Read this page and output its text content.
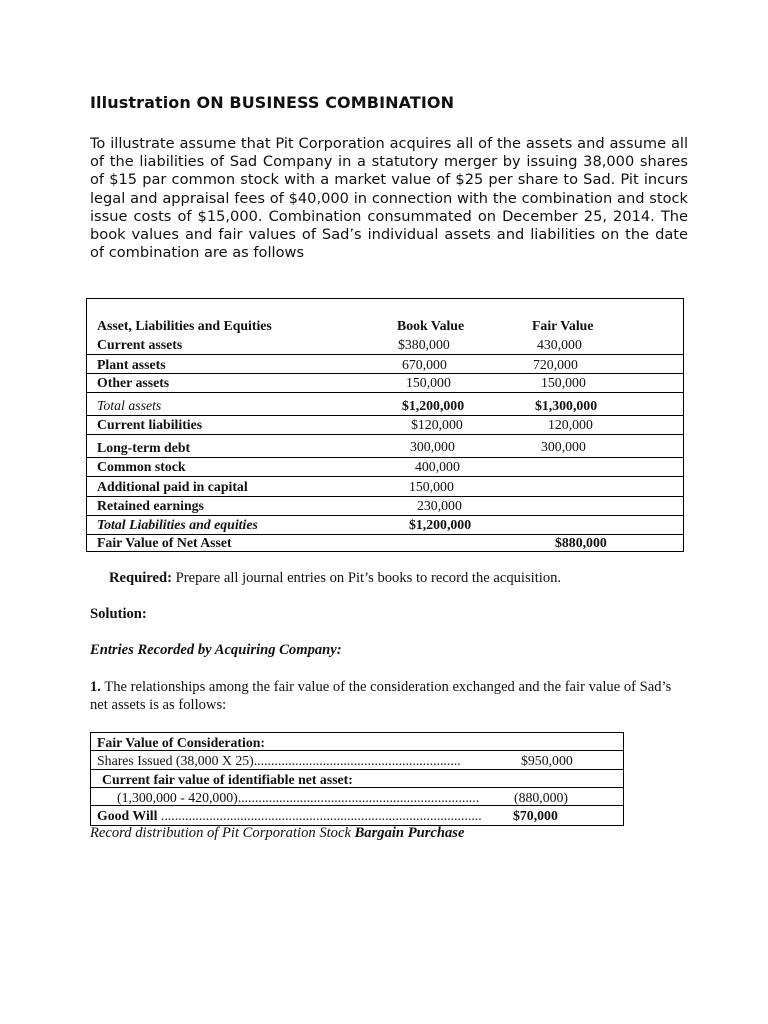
Illustration ON BUSINESS COMBINATION
To illustrate assume that Pit Corporation acquires all of the assets and assume all of the liabilities of Sad Company in a statutory merger by issuing 38,000 shares of $15 par common stock with a market value of $25 per share to Sad. Pit incurs legal and appraisal fees of $40,000 in connection with the combination and stock issue costs of $15,000. Combination consummated on December 25, 2014. The book values and fair values of Sad’s individual assets and liabilities on the date of combination are as follows
Asset, Liabilities and Equities	Book Value	Fair Value
Current assets	$380,000	430,000
Plant assets	670,000	720,000
Other assets	150,000	150,000
Total assets	$1,200,000	$1,300,000
Current liabilities	$120,000	120,000
Long-term debt	300,000	300,000
Common stock	400,000
Additional paid in capital	150,000
Retained earnings	230,000
Total Liabilities and equities	$1,200,000
Fair Value of Net Asset	$880,000
Required: Prepare all journal entries on Pit’s books to record the acquisition.
Solution:
Entries Recorded by Acquiring Company:
1. The relationships among the fair value of the consideration exchanged and the fair value of Sad’s net assets is as follows:
Fair Value of Consideration:
Shares Issued (38,000 X 25)............................................................	$950,000
Current fair value of identifiable net asset:
(1,300,000 - 420,000)......................................................................	(880,000)
Good Will ............................................................................................. $70,000
Record distribution of Pit Corporation Stock Bargain Purchase
